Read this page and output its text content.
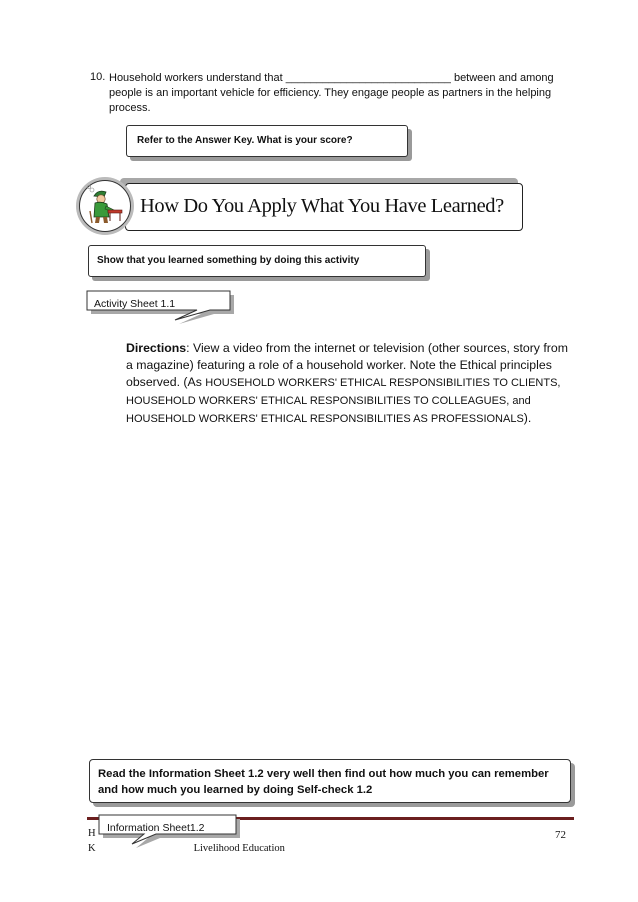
10. Household workers understand that ___________________________ between and among people is an important vehicle for efficiency. They engage people as partners in the helping process.
Refer to the Answer Key. What is your score?
How Do You Apply What You Have Learned?
Show that you learned something by doing this activity
Activity Sheet 1.1
Directions: View a video from the internet or television (other sources, story from a magazine) featuring a role of a household worker. Note the Ethical principles observed. (As HOUSEHOLD WORKERS' ETHICAL RESPONSIBILITIES TO CLIENTS, HOUSEHOLD WORKERS' ETHICAL RESPONSIBILITIES TO COLLEAGUES, and HOUSEHOLD WORKERS' ETHICAL RESPONSIBILITIES AS PROFESSIONALS).
Read the Information Sheet 1.2 very well then find out how much you can remember and how much you learned by doing Self-check 1.2
H
K	Livelihood Education
72
Information Sheet1.2
